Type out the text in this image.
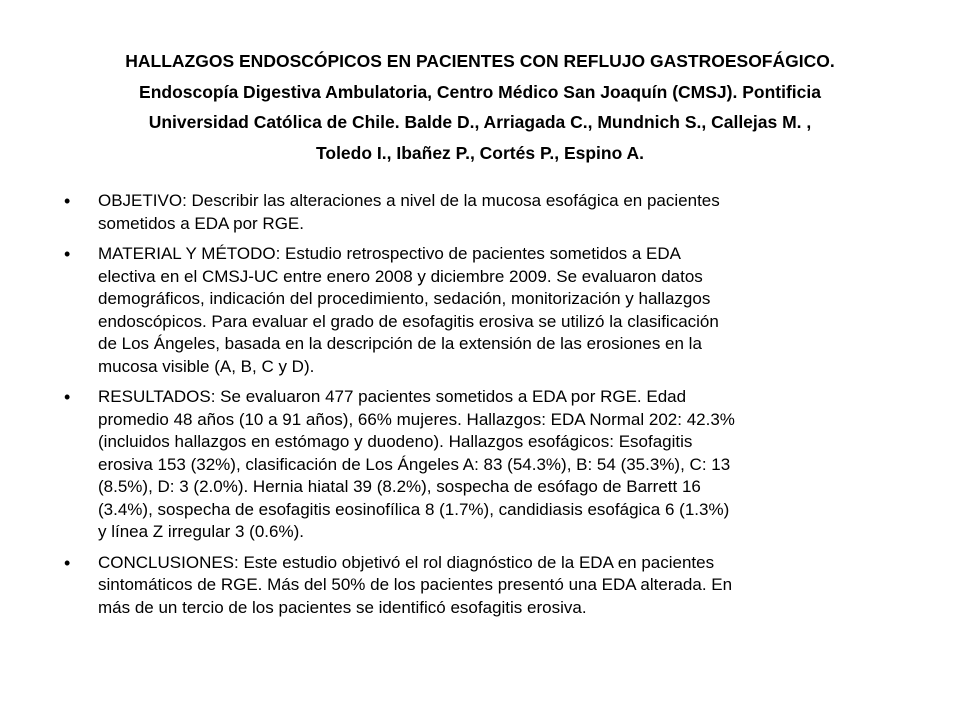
HALLAZGOS ENDOSCÓPICOS EN PACIENTES CON REFLUJO GASTROESOFÁGICO.
Endoscopía Digestiva Ambulatoria, Centro Médico San Joaquín (CMSJ). Pontificia
Universidad Católica de Chile. Balde D., Arriagada C., Mundnich S., Callejas M. ,
Toledo I., Ibañez P., Cortés P., Espino A.
• OBJETIVO: Describir las alteraciones a nivel de la mucosa esofágica en pacientes
sometidos a EDA por RGE.
• MATERIAL Y MÉTODO: Estudio retrospectivo de pacientes sometidos a EDA
electiva en el CMSJ-UC entre enero 2008 y diciembre 2009. Se evaluaron datos
demográficos, indicación del procedimiento, sedación, monitorización y hallazgos
endoscópicos. Para evaluar el grado de esofagitis erosiva se utilizó la clasificación
de Los Ángeles, basada en la descripción de la extensión de las erosiones en la
mucosa visible (A, B, C y D).
• RESULTADOS: Se evaluaron 477 pacientes sometidos a EDA por RGE. Edad
promedio 48 años (10 a 91 años), 66% mujeres. Hallazgos: EDA Normal 202: 42.3%
(incluidos hallazgos en estómago y duodeno). Hallazgos esofágicos: Esofagitis
erosiva 153 (32%), clasificación de Los Ángeles A: 83 (54.3%), B: 54 (35.3%), C: 13
(8.5%), D: 3 (2.0%). Hernia hiatal 39 (8.2%), sospecha de esófago de Barrett 16
(3.4%), sospecha de esofagitis eosinofílica 8 (1.7%), candidiasis esofágica 6 (1.3%)
y línea Z irregular 3 (0.6%).
• CONCLUSIONES: Este estudio objetivó el rol diagnóstico de la EDA en pacientes
sintomáticos de RGE. Más del 50% de los pacientes presentó una EDA alterada. En
más de un tercio de los pacientes se identificó esofagitis erosiva.
